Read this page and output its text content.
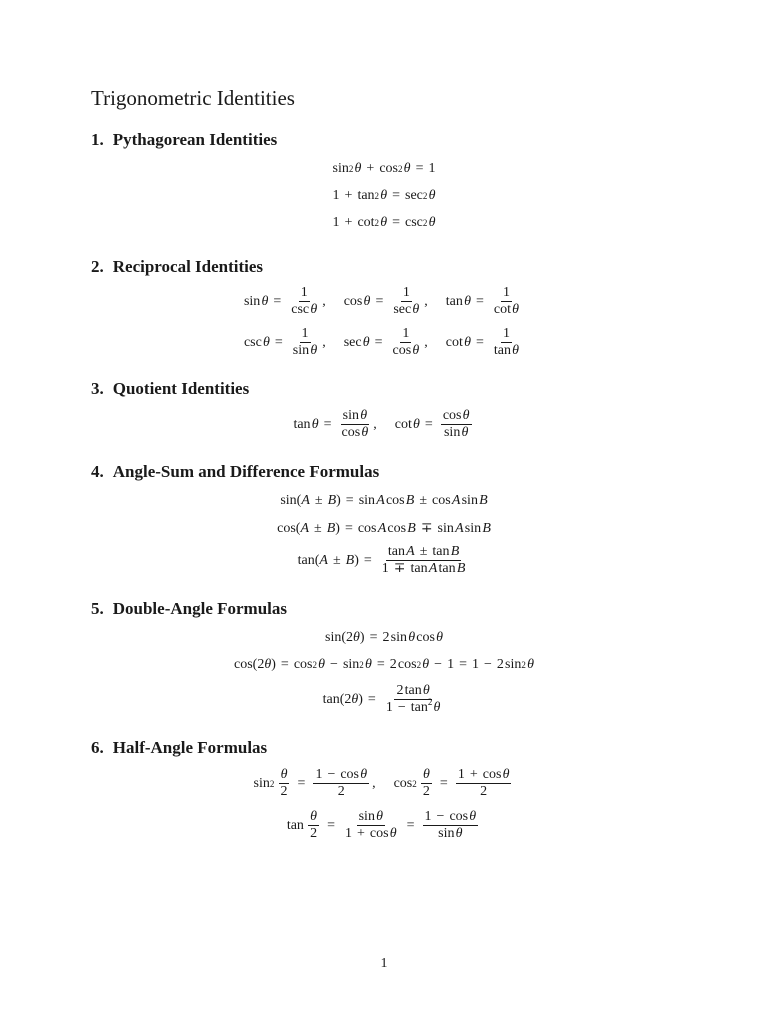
Trigonometric Identities
1. Pythagorean Identities
sin 2
  θ + cos 2
  θ = 1
1 + tan 2
  θ = sec 2
  θ
1 + cot 2
  θ = csc 2
  θ
2. Reciprocal Identities
sin  $\theta = \frac{1}{\text{csc θ}}$ , cos  $\theta = \frac{1}{\text{sec θ}}$ , tan  $\theta = \frac{1}{\text{cot θ}}$
csc  $\theta = \frac{1}{\text{sin θ}}$ , sec  $\theta = \frac{1}{\text{cos θ}}$ , cot  $\theta = \frac{1}{\text{tan θ}}$
3. Quotient Identities
tan  $\theta = \frac{\text{sin θ}}{\text{cos θ}}$ , cot  $\theta = \frac{\text{cos θ}}{\text{sin θ}}$
4. Angle-Sum and Difference Formulas
sin( A ± B ) = sin  A  cos  B ± cos  A  sin  B
cos( A ± B ) = cos  A  cos  B ∓ sin  A  sin  B
tan( A ± B ) = $\frac{\text{tan A ± tan B}}{\text{1 ∓ tan A tan B}}$
5. Double-Angle Formulas
sin(2 θ ) = 2 sin  θ  cos  θ
cos(2 θ ) = cos 2
  θ − sin 2
  θ = 2 cos 2
  θ − 1 = 1 − 2 sin 2
  θ
tan(2 θ ) = $\frac{\text{2 tan θ}}{1 - \tan^2 \theta}$
6. Half-Angle Formulas
sin 2
  $\frac{\theta}{2} = \frac{\text{1 − cos θ}}{2}$ , cos 2
  $\frac{\theta}{2} = \frac{\text{1 + cos θ}}{2}$
tan  $\frac{\theta}{2} = \frac{\text{sin θ}}{\text{1 + cos θ}} = \frac{\text{1 − cos θ}}{\text{sin θ}}$
1
